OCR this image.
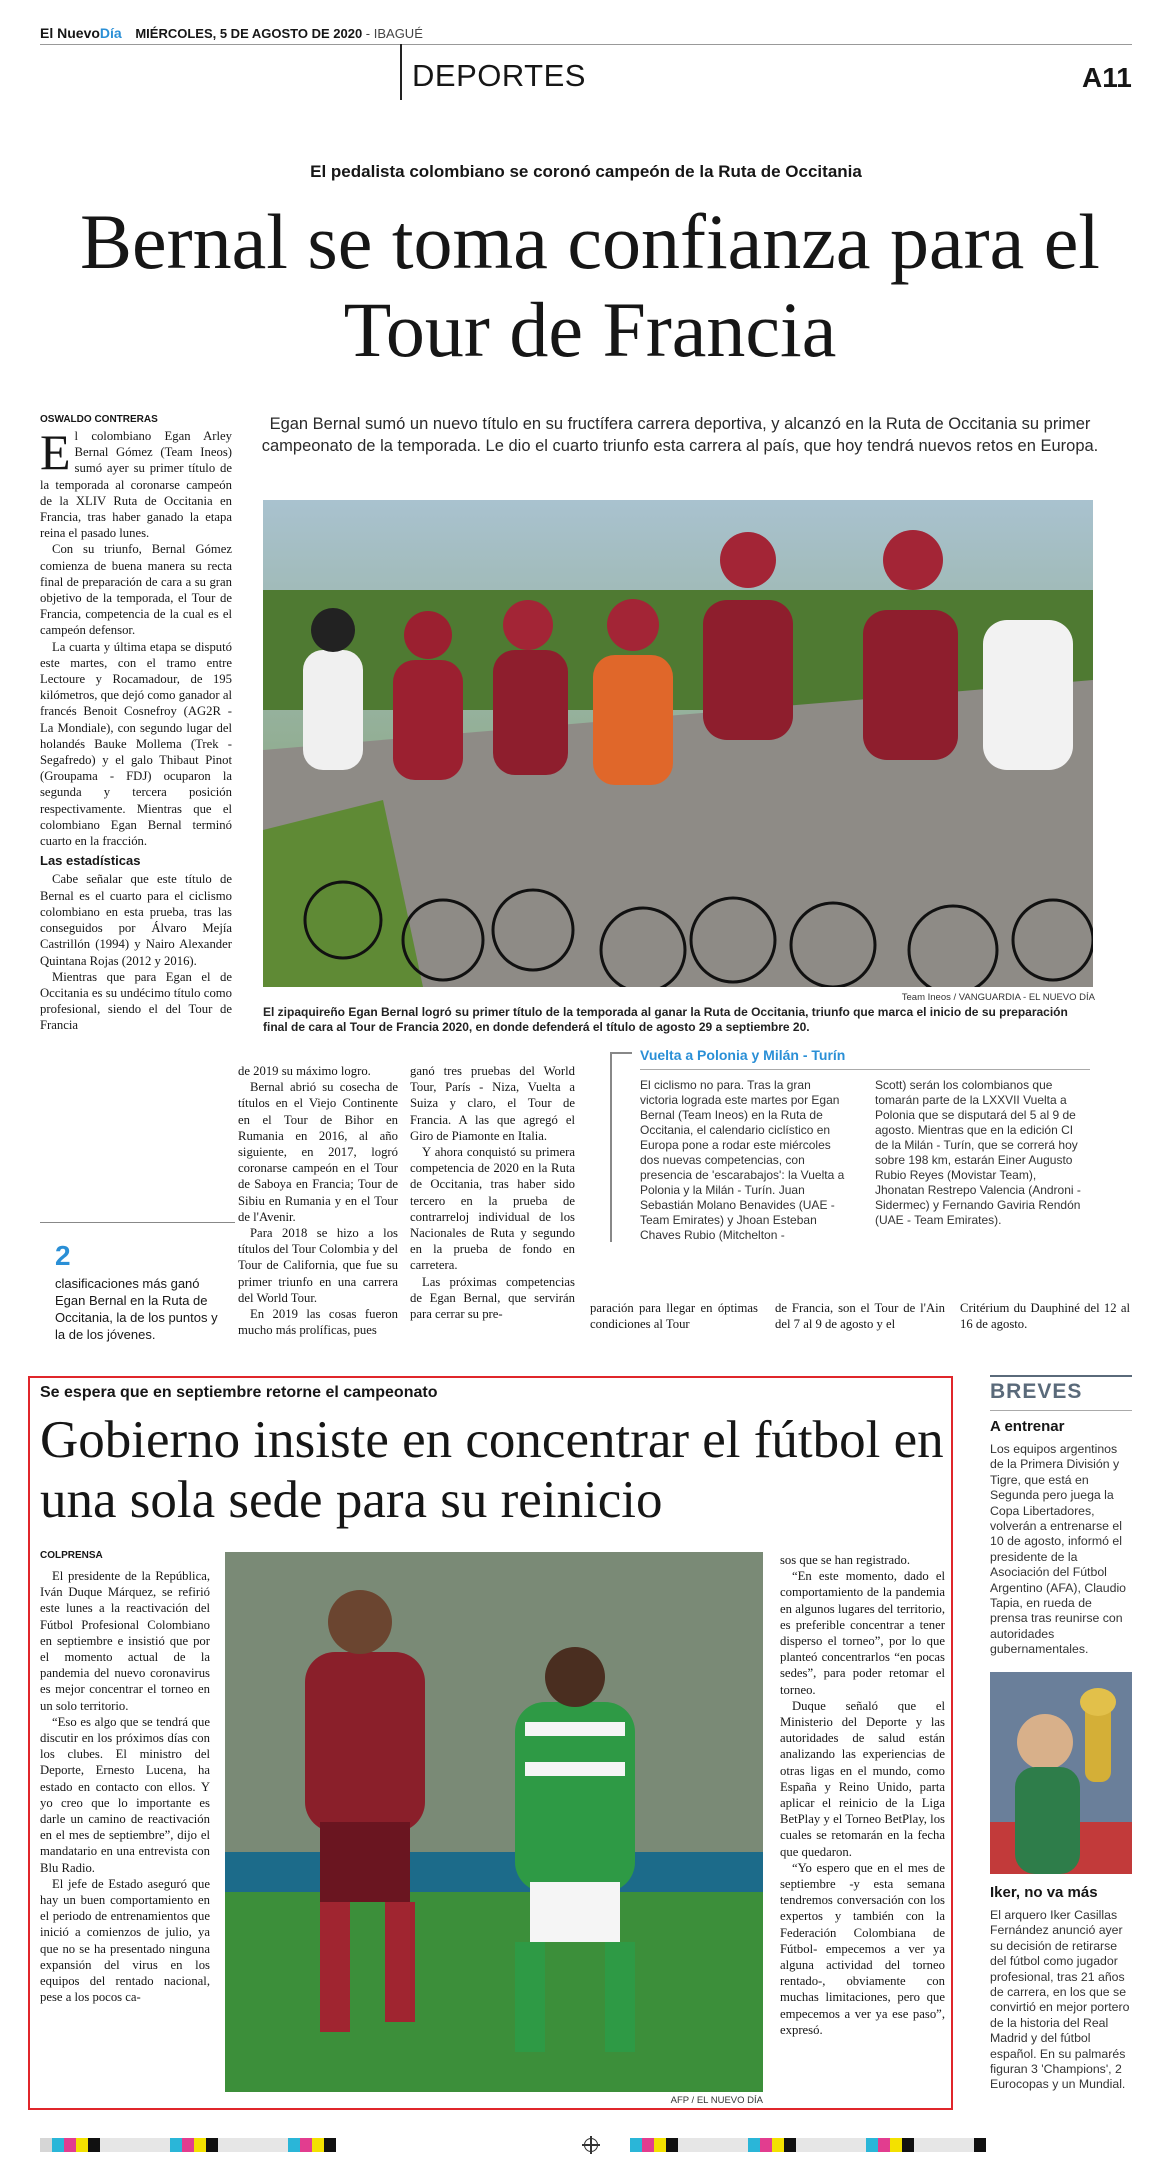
El NuevoDía MIÉRCOLES, 5 DE AGOSTO DE 2020 - IBAGUÉ
DEPORTES	A11
El pedalista colombiano se coronó campeón de la Ruta de Occitania
Bernal se toma confianza para el Tour de Francia
OSWALDO CONTRERAS	Egan Bernal sumó un nuevo título en su fructífera carrera deportiva, y alcanzó en la Ruta de Occitania su primer campeonato de la temporada. Le dio el cuarto triunfo esta carrera al país, que hoy tendrá nuevos retos en Europa.
E l colombiano Egan Arley Bernal Gómez (Team Ineos) sumó ayer su primer título de la temporada al coronarse campeón de la XLIV Ruta de Occitania en Francia, tras haber ganado la etapa reina el pasado lunes.

Con su triunfo, Bernal Gómez comienza de buena manera su recta final de preparación de cara a su gran objetivo de la temporada, el Tour de Francia, competencia de la cual es el campeón defensor.

La cuarta y última etapa se disputó este martes, con el tramo entre Lectoure y Rocamadour, de 195 kilómetros, que dejó como ganador al francés Benoit Cosnefroy (AG2R - La Mondiale), con segundo lugar del holandés Bauke Mollema (Trek - Segafredo) y el galo Thibaut Pinot (Groupama - FDJ) ocuparon la segunda y tercera posición respectivamente. Mientras que el colombiano Egan Bernal terminó cuarto en la fracción.

Las estadísticas

Cabe señalar que este título de Bernal es el cuarto para el ciclismo colombiano en esta prueba, tras las conseguidos por Álvaro Mejía Castrillón (1994) y Nairo Alexander Quintana Rojas (2012 y 2016).

Mientras que para Egan el de Occitania es su undécimo título como profesional, siendo el del Tour de Francia

2
clasificaciones más ganó Egan Bernal en la Ruta de Occitania, la de los puntos y la de los jóvenes.
Team Ineos / VANGUARDIA - EL NUEVO DÍA
El zipaquireño Egan Bernal logró su primer título de la temporada al ganar la Ruta de Occitania, triunfo que marca el inicio de su preparación final de cara al Tour de Francia 2020, en donde defenderá el título de agosto 29 a septiembre 20.

de 2019 su máximo logro.

Bernal abrió su cosecha de títulos en el Viejo Continente en el Tour de Bihor en Rumania en 2016, al año siguiente, en 2017, logró coronarse campeón en el Tour de Saboya en Francia; Tour de Sibiu en Rumania y en el Tour de l'Avenir.

Para 2018 se hizo a los títulos del Tour Colombia y del Tour de California, que fue su primer triunfo en una carrera del World Tour.

En 2019 las cosas fueron mucho más prolíficas, pues

ganó tres pruebas del World Tour, París - Niza, Vuelta a Suiza y claro, el Tour de Francia. A las que agregó el Giro de Piamonte en Italia.

Y ahora conquistó su primera competencia de 2020 en la Ruta de Occitania, tras haber sido tercero en la prueba de contrarreloj individual de los Nacionales de Ruta y segundo en la prueba de fondo en carretera.

Las próximas competencias de Egan Bernal, que servirán para cerrar su pre-

Vuelta a Polonia y Milán - Turín
El ciclismo no para. Tras la gran victoria lograda este martes por Egan Bernal (Team Ineos) en la Ruta de Occitania, el calendario ciclístico en Europa pone a rodar este miércoles dos nuevas competencias, con presencia de 'escarabajos': la Vuelta a Polonia y la Milán - Turín. Juan Sebastián Molano Benavides (UAE - Team Emirates) y Jhoan Esteban Chaves Rubio (Mitchelton -
Scott) serán los colombianos que tomarán parte de la LXXVII Vuelta a Polonia que se disputará del 5 al 9 de agosto. Mientras que en la edición CI de la Milán - Turín, que se correrá hoy sobre 198 km, estarán Einer Augusto Rubio Reyes (Movistar Team), Jhonatan Restrepo Valencia (Androni - Sidermec) y Fernando Gaviria Rendón (UAE - Team Emirates).

paración para llegar en óptimas condiciones al Tour

de Francia, son el Tour de l'Ain del 7 al 9 de agosto y el

Critérium du Dauphiné del 12 al 16 de agosto.

Se espera que en septiembre retorne el campeonato
Gobierno insiste en concentrar el fútbol en una sola sede para su reinicio
COLPRENSA

El presidente de la República, Iván Duque Márquez, se refirió este lunes a la reactivación del Fútbol Profesional Colombiano en septiembre e insistió que por el momento actual de la pandemia del nuevo coronavirus es mejor concentrar el torneo en un solo territorio.

“Eso es algo que se tendrá que discutir en los próximos días con los clubes. El ministro del Deporte, Ernesto Lucena, ha estado en contacto con ellos. Y yo creo que lo importante es darle un camino de reactivación en el mes de septiembre”, dijo el mandatario en una entrevista con Blu Radio.

El jefe de Estado aseguró que hay un buen comportamiento en el periodo de entrenamientos que inició a comienzos de julio, ya que no se ha presentado ninguna expansión del virus en los equipos del rentado nacional, pese a los pocos ca-

AFP / EL NUEVO DÍA

sos que se han registrado.

“En este momento, dado el comportamiento de la pandemia en algunos lugares del territorio, es preferible concentrar a tener disperso el torneo”, por lo que planteó concentrarlos “en pocas sedes”, para poder retomar el torneo.

Duque señaló que el Ministerio del Deporte y las autoridades de salud están analizando las experiencias de otras ligas en el mundo, como España y Reino Unido, parta aplicar el reinicio de la Liga BetPlay y el Torneo BetPlay, los cuales se retomarán en la fecha que quedaron.

“Yo espero que en el mes de septiembre -y esta semana tendremos conversación con los expertos y también con la Federación Colombiana de Fútbol- empecemos a ver ya alguna actividad del torneo rentado-, obviamente con muchas limitaciones, pero que empecemos a ver ya ese paso”, expresó.

BREVES
A entrenar
Los equipos argentinos de la Primera División y Tigre, que está en Segunda pero juega la Copa Libertadores, volverán a entrenarse el 10 de agosto, informó el presidente de la Asociación del Fútbol Argentino (AFA), Claudio Tapia, en rueda de prensa tras reunirse con autoridades gubernamentales.
Iker, no va más
El arquero Iker Casillas Fernández anunció ayer su decisión de retirarse del fútbol como jugador profesional, tras 21 años de carrera, en los que se convirtió en mejor portero de la historia del Real Madrid y del fútbol español. En su palmarés figuran 3 'Champions', 2 Eurocopas y un Mundial.
